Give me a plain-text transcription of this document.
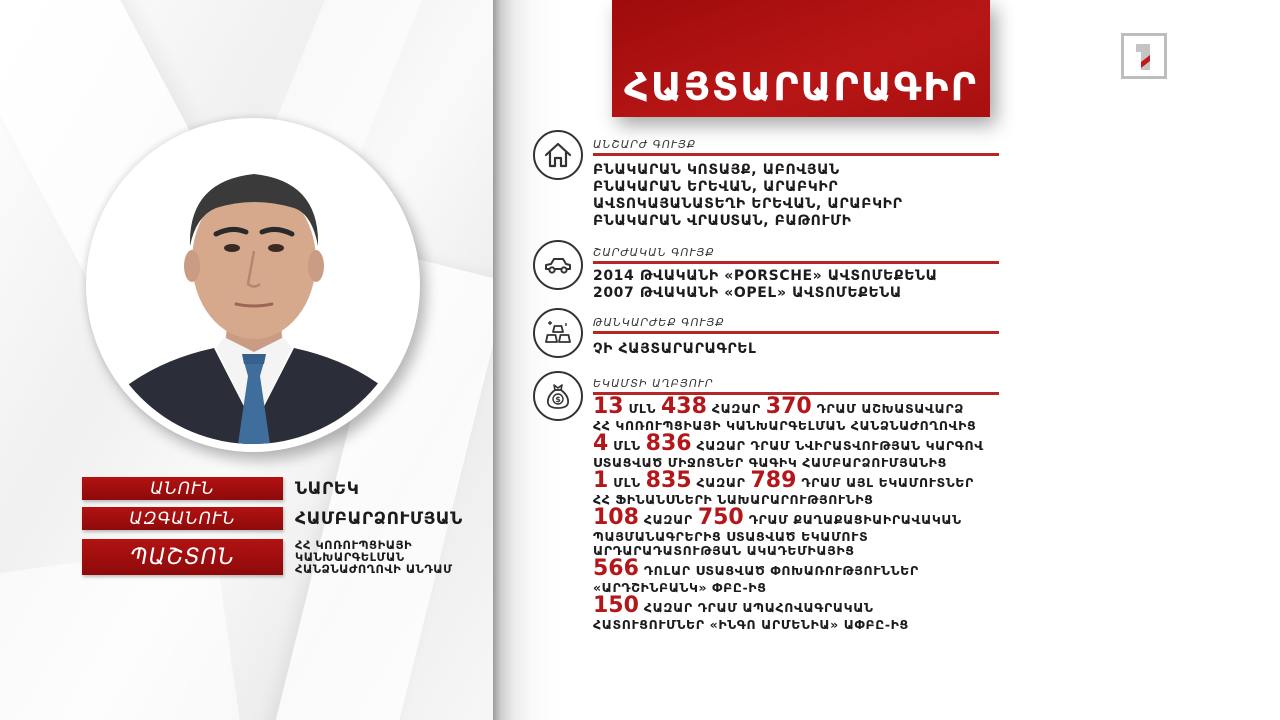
ԱՆՈՒՆ	ՆԱՐԵԿ
ԱԶԳԱՆՈՒՆ	ՀԱՄԲԱՐՁՈՒՄՅԱՆ
ՊԱՇՏՈՆ	ՀՀ ԿՈՌՈՒՊՑԻԱՅԻ
ԿԱՆԽԱՐԳԵԼՄԱՆ
ՀԱՆՁՆԱԺՈՂՈՎԻ ԱՆԴԱՄ
ՀԱՅՏԱՐԱՐԱԳԻՐ
ԱՆՇԱՐԺ ԳՈՒՅՔ
ԲՆԱԿԱՐԱՆ ԿՈՏԱՅՔ, ԱԲՈՎՅԱՆ
ԲՆԱԿԱՐԱՆ ԵՐԵՎԱՆ, ԱՐԱԲԿԻՐ
ԱՎՏՈԿԱՅԱՆԱՏԵՂԻ ԵՐԵՎԱՆ, ԱՐԱԲԿԻՐ
ԲՆԱԿԱՐԱՆ ՎՐԱՍՏԱՆ, ԲԱԹՈՒՄԻ
ՇԱՐԺԱԿԱՆ ԳՈՒՅՔ
2014 ԹՎԱԿԱՆԻ «PORSCHE» ԱՎՏՈՄԵՔԵՆԱ
2007 ԹՎԱԿԱՆԻ «OPEL» ԱՎՏՈՄԵՔԵՆԱ
ԹԱՆԿԱՐԺԵՔ ԳՈՒՅՔ
ՉԻ ՀԱՅՏԱՐԱՐԱԳՐԵԼ
$
ԵԿԱՄՏԻ ԱՂԲՅՈՒՐ
13 ՄԼՆ 438 ՀԱԶԱՐ 370 ԴՐԱՄ ԱՇԽԱՏԱՎԱՐՁ
ՀՀ ԿՈՌՈՒՊՑԻԱՅԻ ԿԱՆԽԱՐԳԵԼՄԱՆ ՀԱՆՁՆԱԺՈՂՈՎԻՑ
4 ՄԼՆ 836 ՀԱԶԱՐ ԴՐԱՄ ՆՎԻՐԱՏՎՈՒԹՅԱՆ ԿԱՐԳՈՎ
ՍՏԱՑՎԱԾ ՄԻՋՈՑՆԵՐ ԳԱԳԻԿ ՀԱՄԲԱՐՁՈՒՄՅԱՆԻՑ
1 ՄԼՆ 835 ՀԱԶԱՐ 789 ԴՐԱՄ ԱՅԼ ԵԿԱՄՈՒՏՆԵՐ
ՀՀ ՖԻՆԱՆՍՆԵՐԻ ՆԱԽԱՐԱՐՈՒԹՅՈՒՆԻՑ
108 ՀԱԶԱՐ 750 ԴՐԱՄ ՔԱՂԱՔԱՑԻԱԻՐԱՎԱԿԱՆ
ՊԱՅՄԱՆԱԳՐԵՐԻՑ ՍՏԱՑՎԱԾ ԵԿԱՄՈՒՏ
ԱՐԴԱՐԱԴԱՏՈՒԹՅԱՆ ԱԿԱԴԵՄԻԱՅԻՑ
566 ԴՈԼԱՐ ՍՏԱՑՎԱԾ ՓՈԽԱՌՈՒԹՅՈՒՆՆԵՐ
«ԱՐԴՇԻՆԲԱՆԿ» ՓԲԸ-ԻՑ
150 ՀԱԶԱՐ ԴՐԱՄ ԱՊԱՀՈՎԱԳՐԱԿԱՆ
ՀԱՏՈՒՑՈՒՄՆԵՐ «ԻՆԳՈ ԱՐՄԵՆԻԱ» ԱՓԲԸ-ԻՑ
